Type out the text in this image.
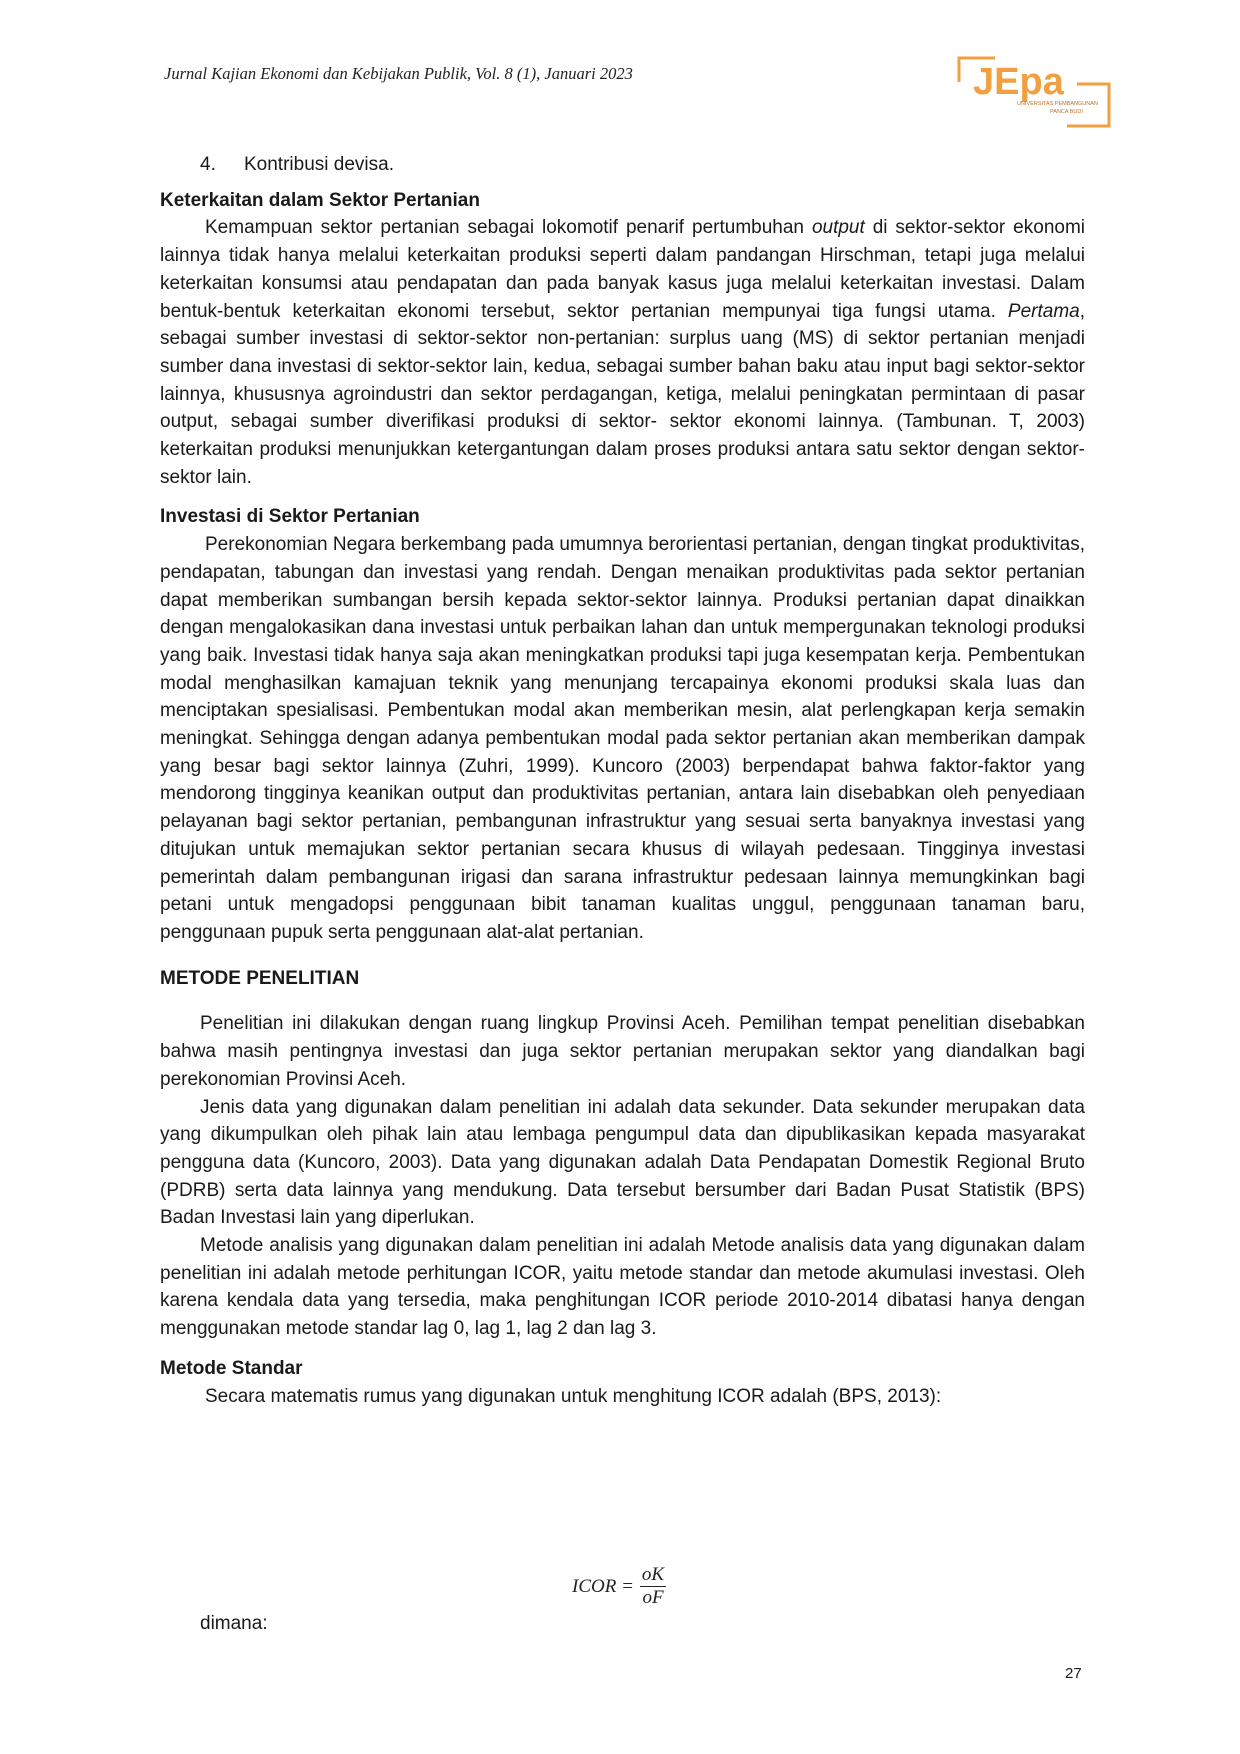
Jurnal Kajian Ekonomi dan Kebijakan Publik, Vol. 8 (1), Januari 2023	JEpa
UNIVERSITAS PEMBANGUNAN
PANCA BUDI

4. Kontribusi devisa.

Keterkaitan dalam Sektor Pertanian

Kemampuan sektor pertanian sebagai lokomotif penarif pertumbuhan output di sektor-sektor ekonomi lainnya tidak hanya melalui keterkaitan produksi seperti dalam pandangan Hirschman, tetapi juga melalui keterkaitan konsumsi atau pendapatan dan pada banyak kasus juga melalui keterkaitan investasi. Dalam bentuk-bentuk keterkaitan ekonomi tersebut, sektor pertanian mempunyai tiga fungsi utama. Pertama, sebagai sumber investasi di sektor-sektor non-pertanian: surplus uang (MS) di sektor pertanian menjadi sumber dana investasi di sektor-sektor lain, kedua, sebagai sumber bahan baku atau input bagi sektor-sektor lainnya, khususnya agroindustri dan sektor perdagangan, ketiga, melalui peningkatan permintaan di pasar output, sebagai sumber diverifikasi produksi di sektor- sektor ekonomi lainnya. (Tambunan. T, 2003) keterkaitan produksi menunjukkan ketergantungan dalam proses produksi antara satu sektor dengan sektor-sektor lain.

Investasi di Sektor Pertanian

Perekonomian Negara berkembang pada umumnya berorientasi pertanian, dengan tingkat produktivitas, pendapatan, tabungan dan investasi yang rendah. Dengan menaikan produktivitas pada sektor pertanian dapat memberikan sumbangan bersih kepada sektor-sektor lainnya. Produksi pertanian dapat dinaikkan dengan mengalokasikan dana investasi untuk perbaikan lahan dan untuk mempergunakan teknologi produksi yang baik. Investasi tidak hanya saja akan meningkatkan produksi tapi juga kesempatan kerja. Pembentukan modal menghasilkan kamajuan teknik yang menunjang tercapainya ekonomi produksi skala luas dan menciptakan spesialisasi. Pembentukan modal akan memberikan mesin, alat perlengkapan kerja semakin meningkat. Sehingga dengan adanya pembentukan modal pada sektor pertanian akan memberikan dampak yang besar bagi sektor lainnya (Zuhri, 1999). Kuncoro (2003) berpendapat bahwa faktor-faktor yang mendorong tingginya keanikan output dan produktivitas pertanian, antara lain disebabkan oleh penyediaan pelayanan bagi sektor pertanian, pembangunan infrastruktur yang sesuai serta banyaknya investasi yang ditujukan untuk memajukan sektor pertanian secara khusus di wilayah pedesaan. Tingginya investasi pemerintah dalam pembangunan irigasi dan sarana infrastruktur pedesaan lainnya memungkinkan bagi petani untuk mengadopsi penggunaan bibit tanaman kualitas unggul, penggunaan tanaman baru, penggunaan pupuk serta penggunaan alat-alat pertanian.

METODE PENELITIAN

Penelitian ini dilakukan dengan ruang lingkup Provinsi Aceh. Pemilihan tempat penelitian disebabkan bahwa masih pentingnya investasi dan juga sektor pertanian merupakan sektor yang diandalkan bagi perekonomian Provinsi Aceh.

Jenis data yang digunakan dalam penelitian ini adalah data sekunder. Data sekunder merupakan data yang dikumpulkan oleh pihak lain atau lembaga pengumpul data dan dipublikasikan kepada masyarakat pengguna data (Kuncoro, 2003). Data yang digunakan adalah Data Pendapatan Domestik Regional Bruto (PDRB) serta data lainnya yang mendukung. Data tersebut bersumber dari Badan Pusat Statistik (BPS) Badan Investasi lain yang diperlukan.

Metode analisis yang digunakan dalam penelitian ini adalah Metode analisis data yang digunakan dalam penelitian ini adalah metode perhitungan ICOR, yaitu metode standar dan metode akumulasi investasi. Oleh karena kendala data yang tersedia, maka penghitungan ICOR periode 2010-2014 dibatasi hanya dengan menggunakan metode standar lag 0, lag 1, lag 2 dan lag 3.

Metode Standar

Secara matematis rumus yang digunakan untuk menghitung ICOR adalah (BPS, 2013):

ICOR = $\frac{oK}{oF}$
dimana:
27
